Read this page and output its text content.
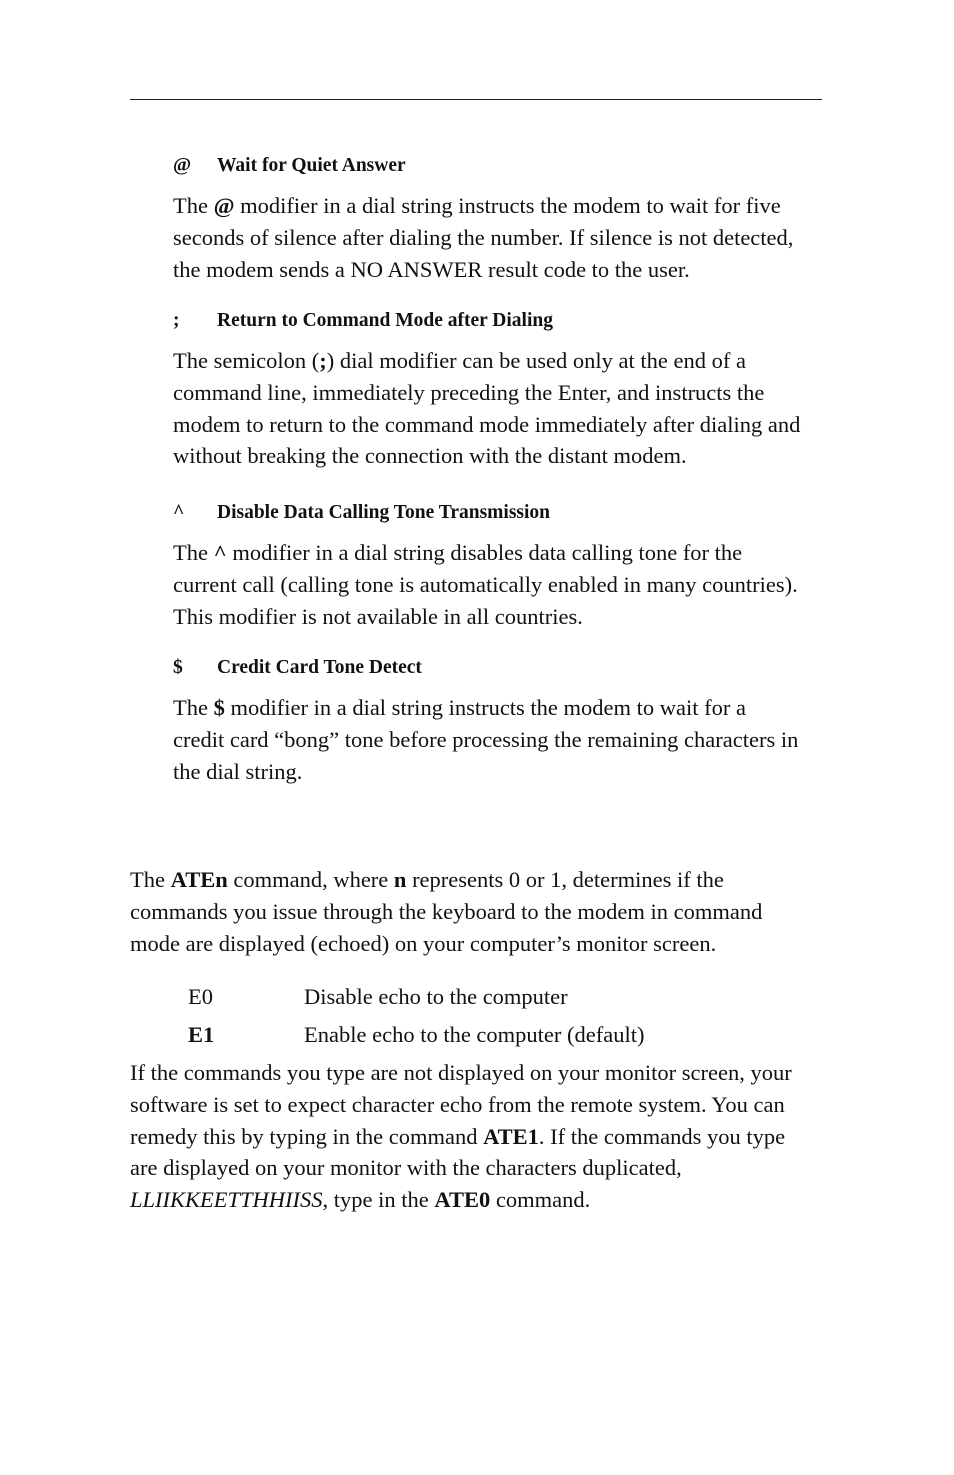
@ Wait for Quiet Answer
The @ modifier in a dial string instructs the modem to wait for five
seconds of silence after dialing the number. If silence is not detected,
the modem sends a NO ANSWER result code to the user.
; Return to Command Mode after Dialing
The semicolon (;) dial modifier can be used only at the end of a
command line, immediately preceding the Enter, and instructs the
modem to return to the command mode immediately after dialing and
without breaking the connection with the distant modem.
^ Disable Data Calling Tone Transmission
The ^ modifier in a dial string disables data calling tone for the
current call (calling tone is automatically enabled in many countries).
This modifier is not available in all countries.
$ Credit Card Tone Detect
The $ modifier in a dial string instructs the modem to wait for a
credit card “bong” tone before processing the remaining characters in
the dial string.
The ATEn command, where n represents 0 or 1, determines if the
commands you issue through the keyboard to the modem in command
mode are displayed (echoed) on your computer’s monitor screen.
E0	Disable echo to the computer
E1	Enable echo to the computer (default)
If the commands you type are not displayed on your monitor screen, your
software is set to expect character echo from the remote system. You can
remedy this by typing in the command ATE1. If the commands you type
are displayed on your monitor with the characters duplicated,
LLIIKKEETTHHIISS, type in the ATE0 command.
